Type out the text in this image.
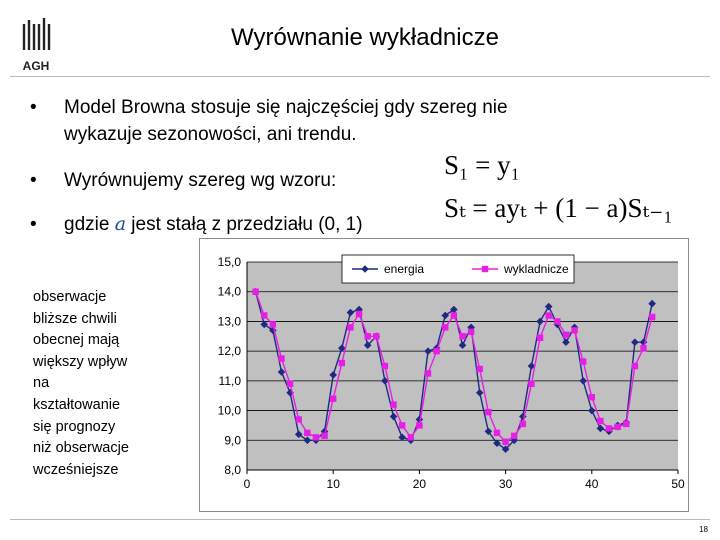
AGH
Wyrównanie wykładnicze
• Model Browna stosuje się najczęściej gdy szereg nie
wykazuje sezonowości, ani trendu.
• Wyrównujemy szereg wg wzoru:
• gdzie a jest stałą z przedziału (0, 1)
S₁ = y₁
Sₜ = ayₜ + (1 − a)Sₜ₋₁
obserwacje
bliższe chwili
obecnej mają
większy wpływ
na
kształtowanie
się prognozy
niż obserwacje
wcześniejsze
15,0
14,0
13,0
12,0
11,0
10,0
9,0
8,0
0	10	20	30	40	50
energia	wykladnicze
18
